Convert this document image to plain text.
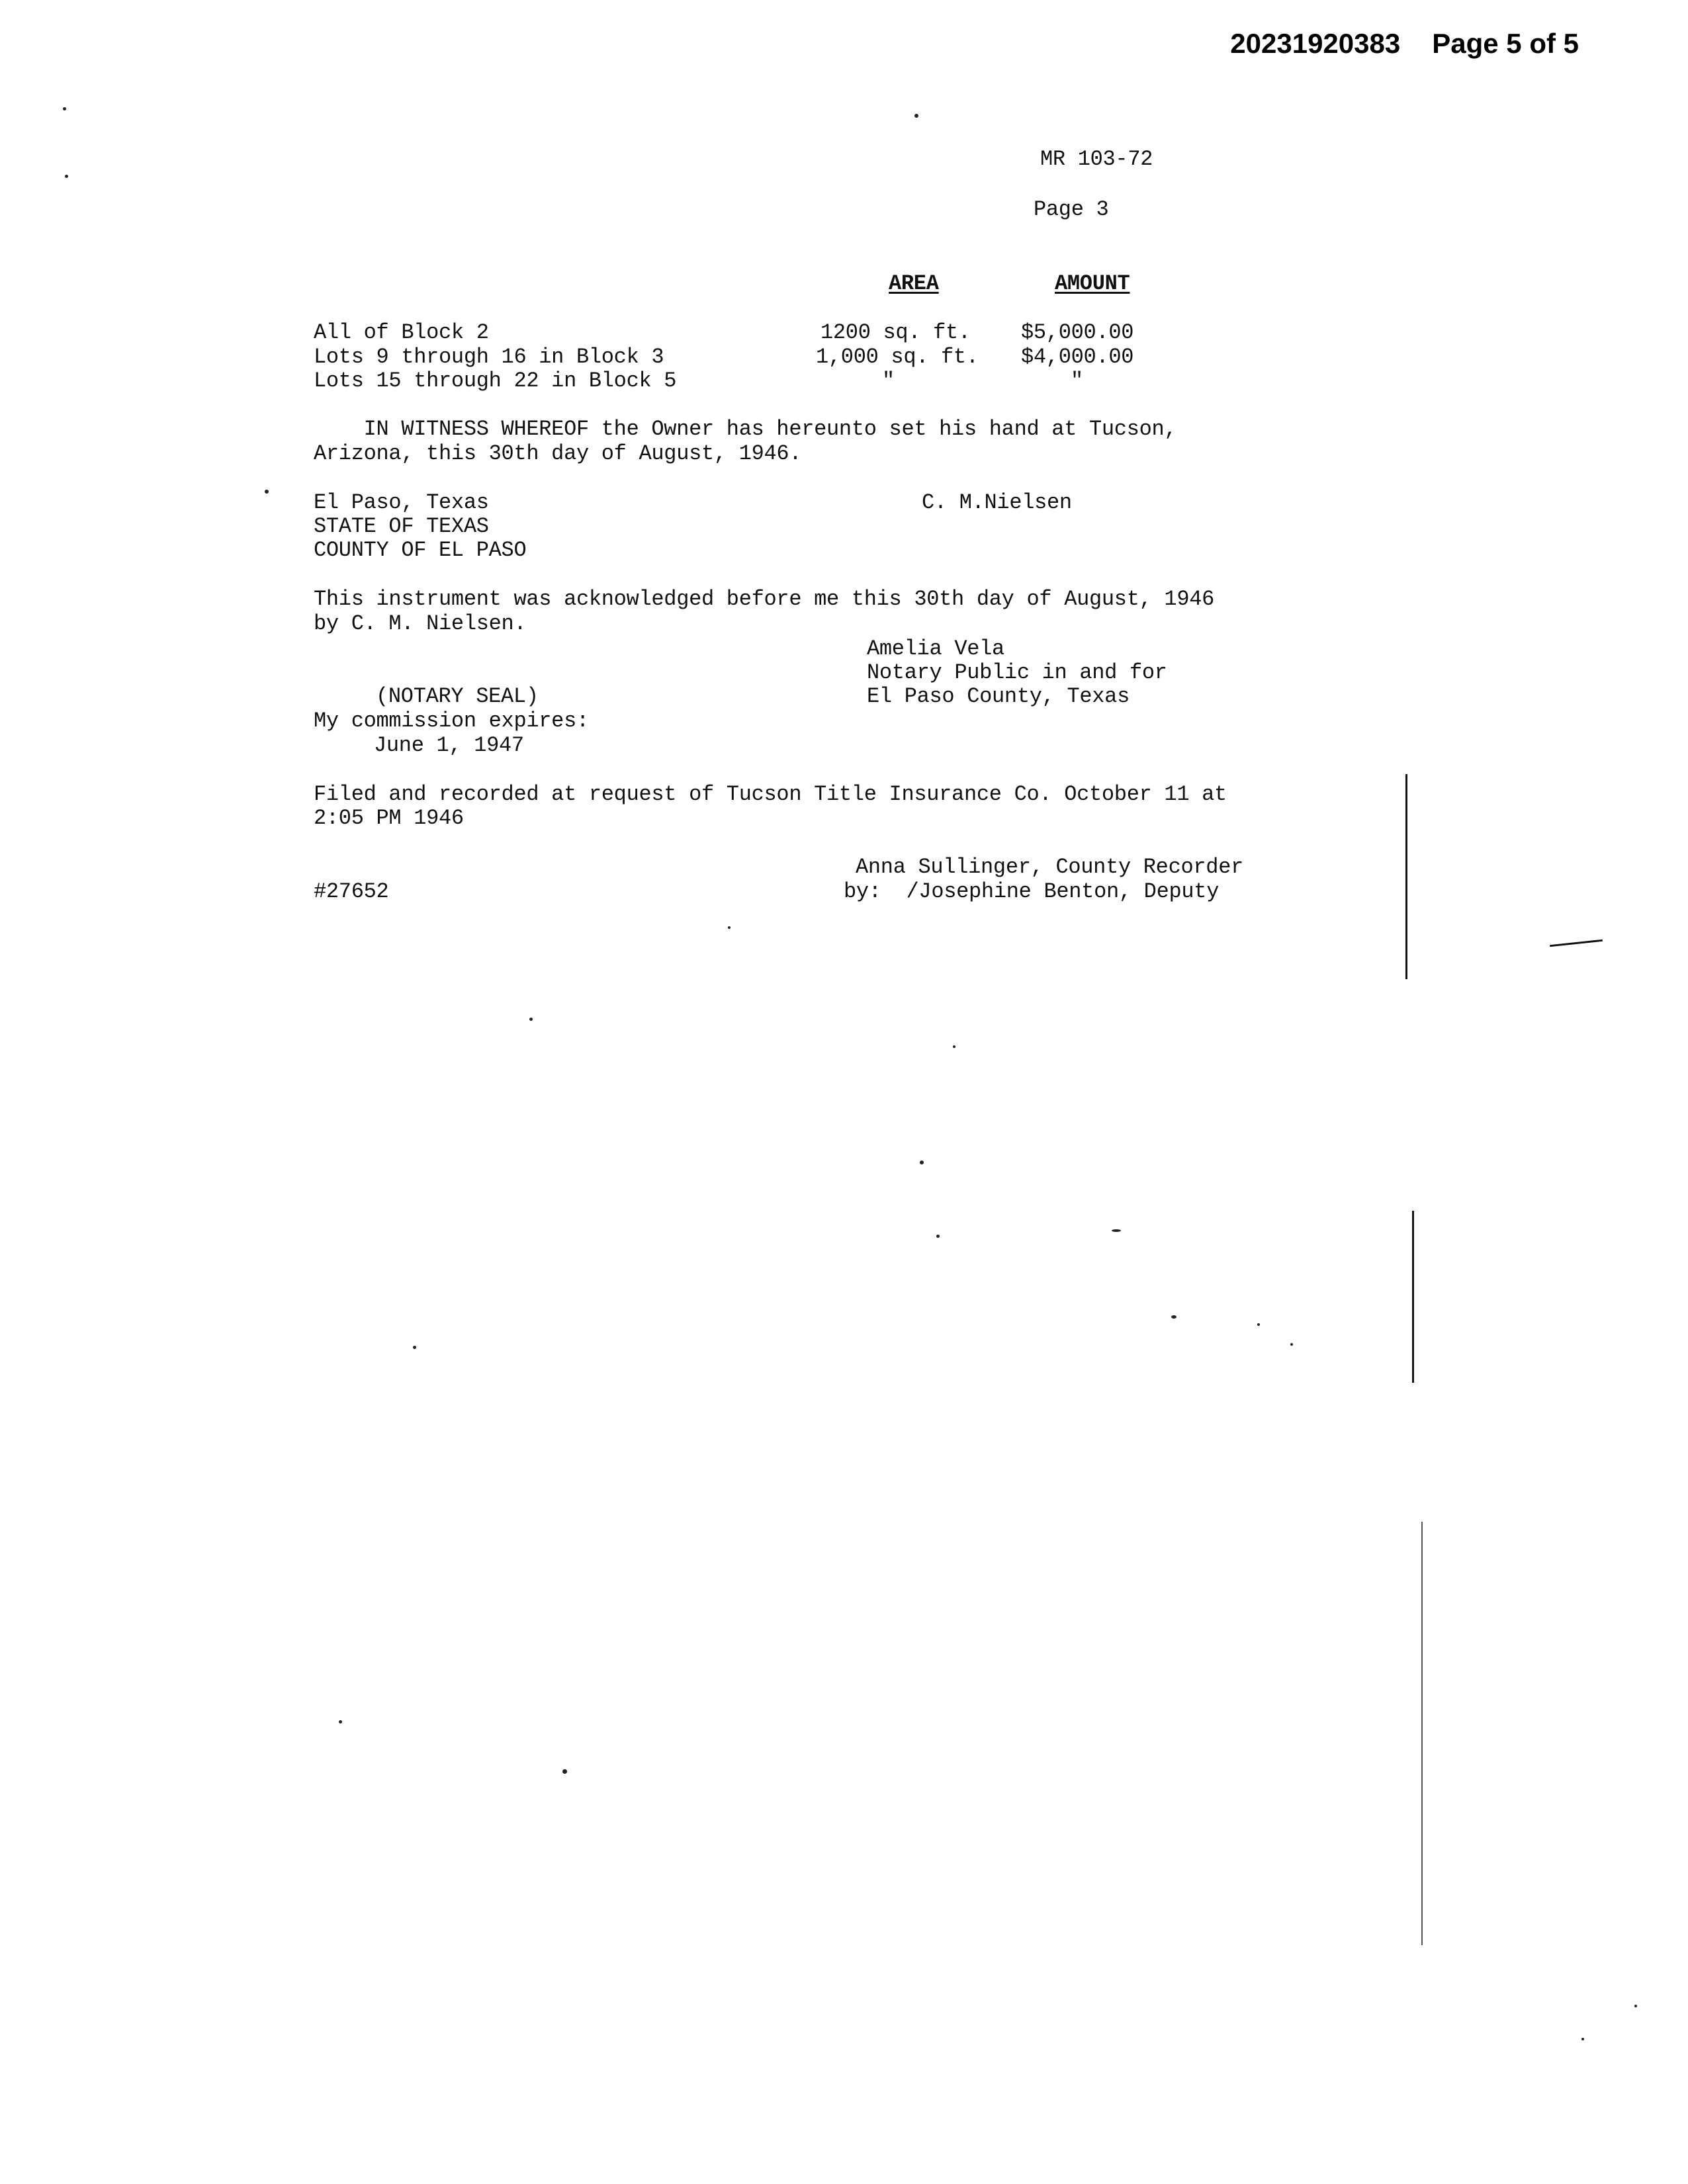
20231920383 Page 5 of 5
MR 103-72
Page 3
AREA	AMOUNT
All of Block 2	1200 sq. ft. $5,000.00
Lots 9 through 16 in Block 3	1,000 sq. ft. $4,000.00
Lots 15 through 22 in Block 5	"	"
IN WITNESS WHEREOF the Owner has hereunto set his hand at Tucson,
Arizona, this 30th day of August, 1946.
El Paso, Texas
STATE OF TEXAS
COUNTY OF EL PASO
C. M.Nielsen
This instrument was acknowledged before me this 30th day of August, 1946
by C. M. Nielsen.
Amelia Vela
Notary Public in and for
El Paso County, Texas
(NOTARY SEAL)
My commission expires:
June 1, 1947
Filed and recorded at request of Tucson Title Insurance Co. October 11 at
2:05 PM 1946
Anna Sullinger, County Recorder
by:  /Josephine Benton, Deputy
#27652
